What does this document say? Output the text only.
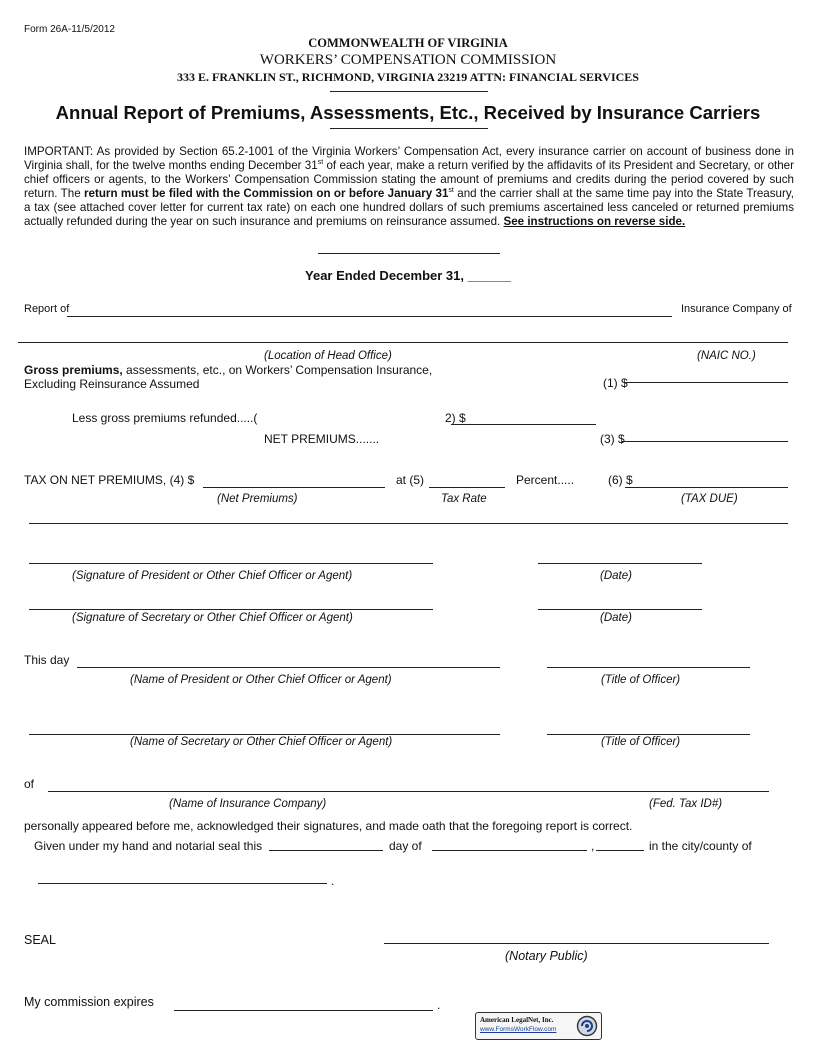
Form 26A-11/5/2012
COMMONWEALTH OF VIRGINIA
WORKERS’ COMPENSATION COMMISSION
333 E. FRANKLIN ST., RICHMOND, VIRGINIA 23219 ATTN: FINANCIAL SERVICES
Annual Report of Premiums, Assessments, Etc., Received by Insurance Carriers

IMPORTANT: As provided by Section 65.2-1001 of the Virginia Workers’ Compensation Act, every insurance carrier on account of business done in Virginia shall, for the twelve months ending December 31st of each year, make a return verified by the affidavits of its President and Secretary, or other chief officers or agents, to the Workers’ Compensation Commission stating the amount of premiums and credits during the period covered by such return. The return must be filed with the Commission on or before January 31st and the carrier shall at the same time pay into the State Treasury, a tax (see attached cover letter for current tax rate) on each one hundred dollars of such premiums ascertained less canceled or returned premiums actually refunded during the year on such insurance and premiums on reinsurance assumed. See instructions on reverse side.

Year Ended December 31, ______
Report of	Insurance Company of
(Location of Head Office)	(NAIC NO.)
Gross premiums, assessments, etc., on Workers’ Compensation Insurance,
Excluding Reinsurance Assumed	(1) $
Less gross premiums refunded.....(	2) $
NET PREMIUMS.......	(3) $
TAX ON NET PREMIUMS, (4) $	at (5)	Percent.....	(6) $
(Net Premiums)	Tax Rate	(TAX DUE)
(Signature of President or Other Chief Officer or Agent)	(Date)
(Signature of Secretary or Other Chief Officer or Agent)	(Date)
This day
(Name of President or Other Chief Officer or Agent)	(Title of Officer)
(Name of Secretary or Other Chief Officer or Agent)	(Title of Officer)
of
(Name of Insurance Company)	(Fed. Tax ID#)
personally appeared before me, acknowledged their signatures, and made oath that the foregoing report is correct.
Given under my hand and notarial seal this	day of	,	in the city/county of
.
SEAL
(Notary Public)
My commission expires	.
American LegalNet, Inc.
www.FormsWorkFlow.com
